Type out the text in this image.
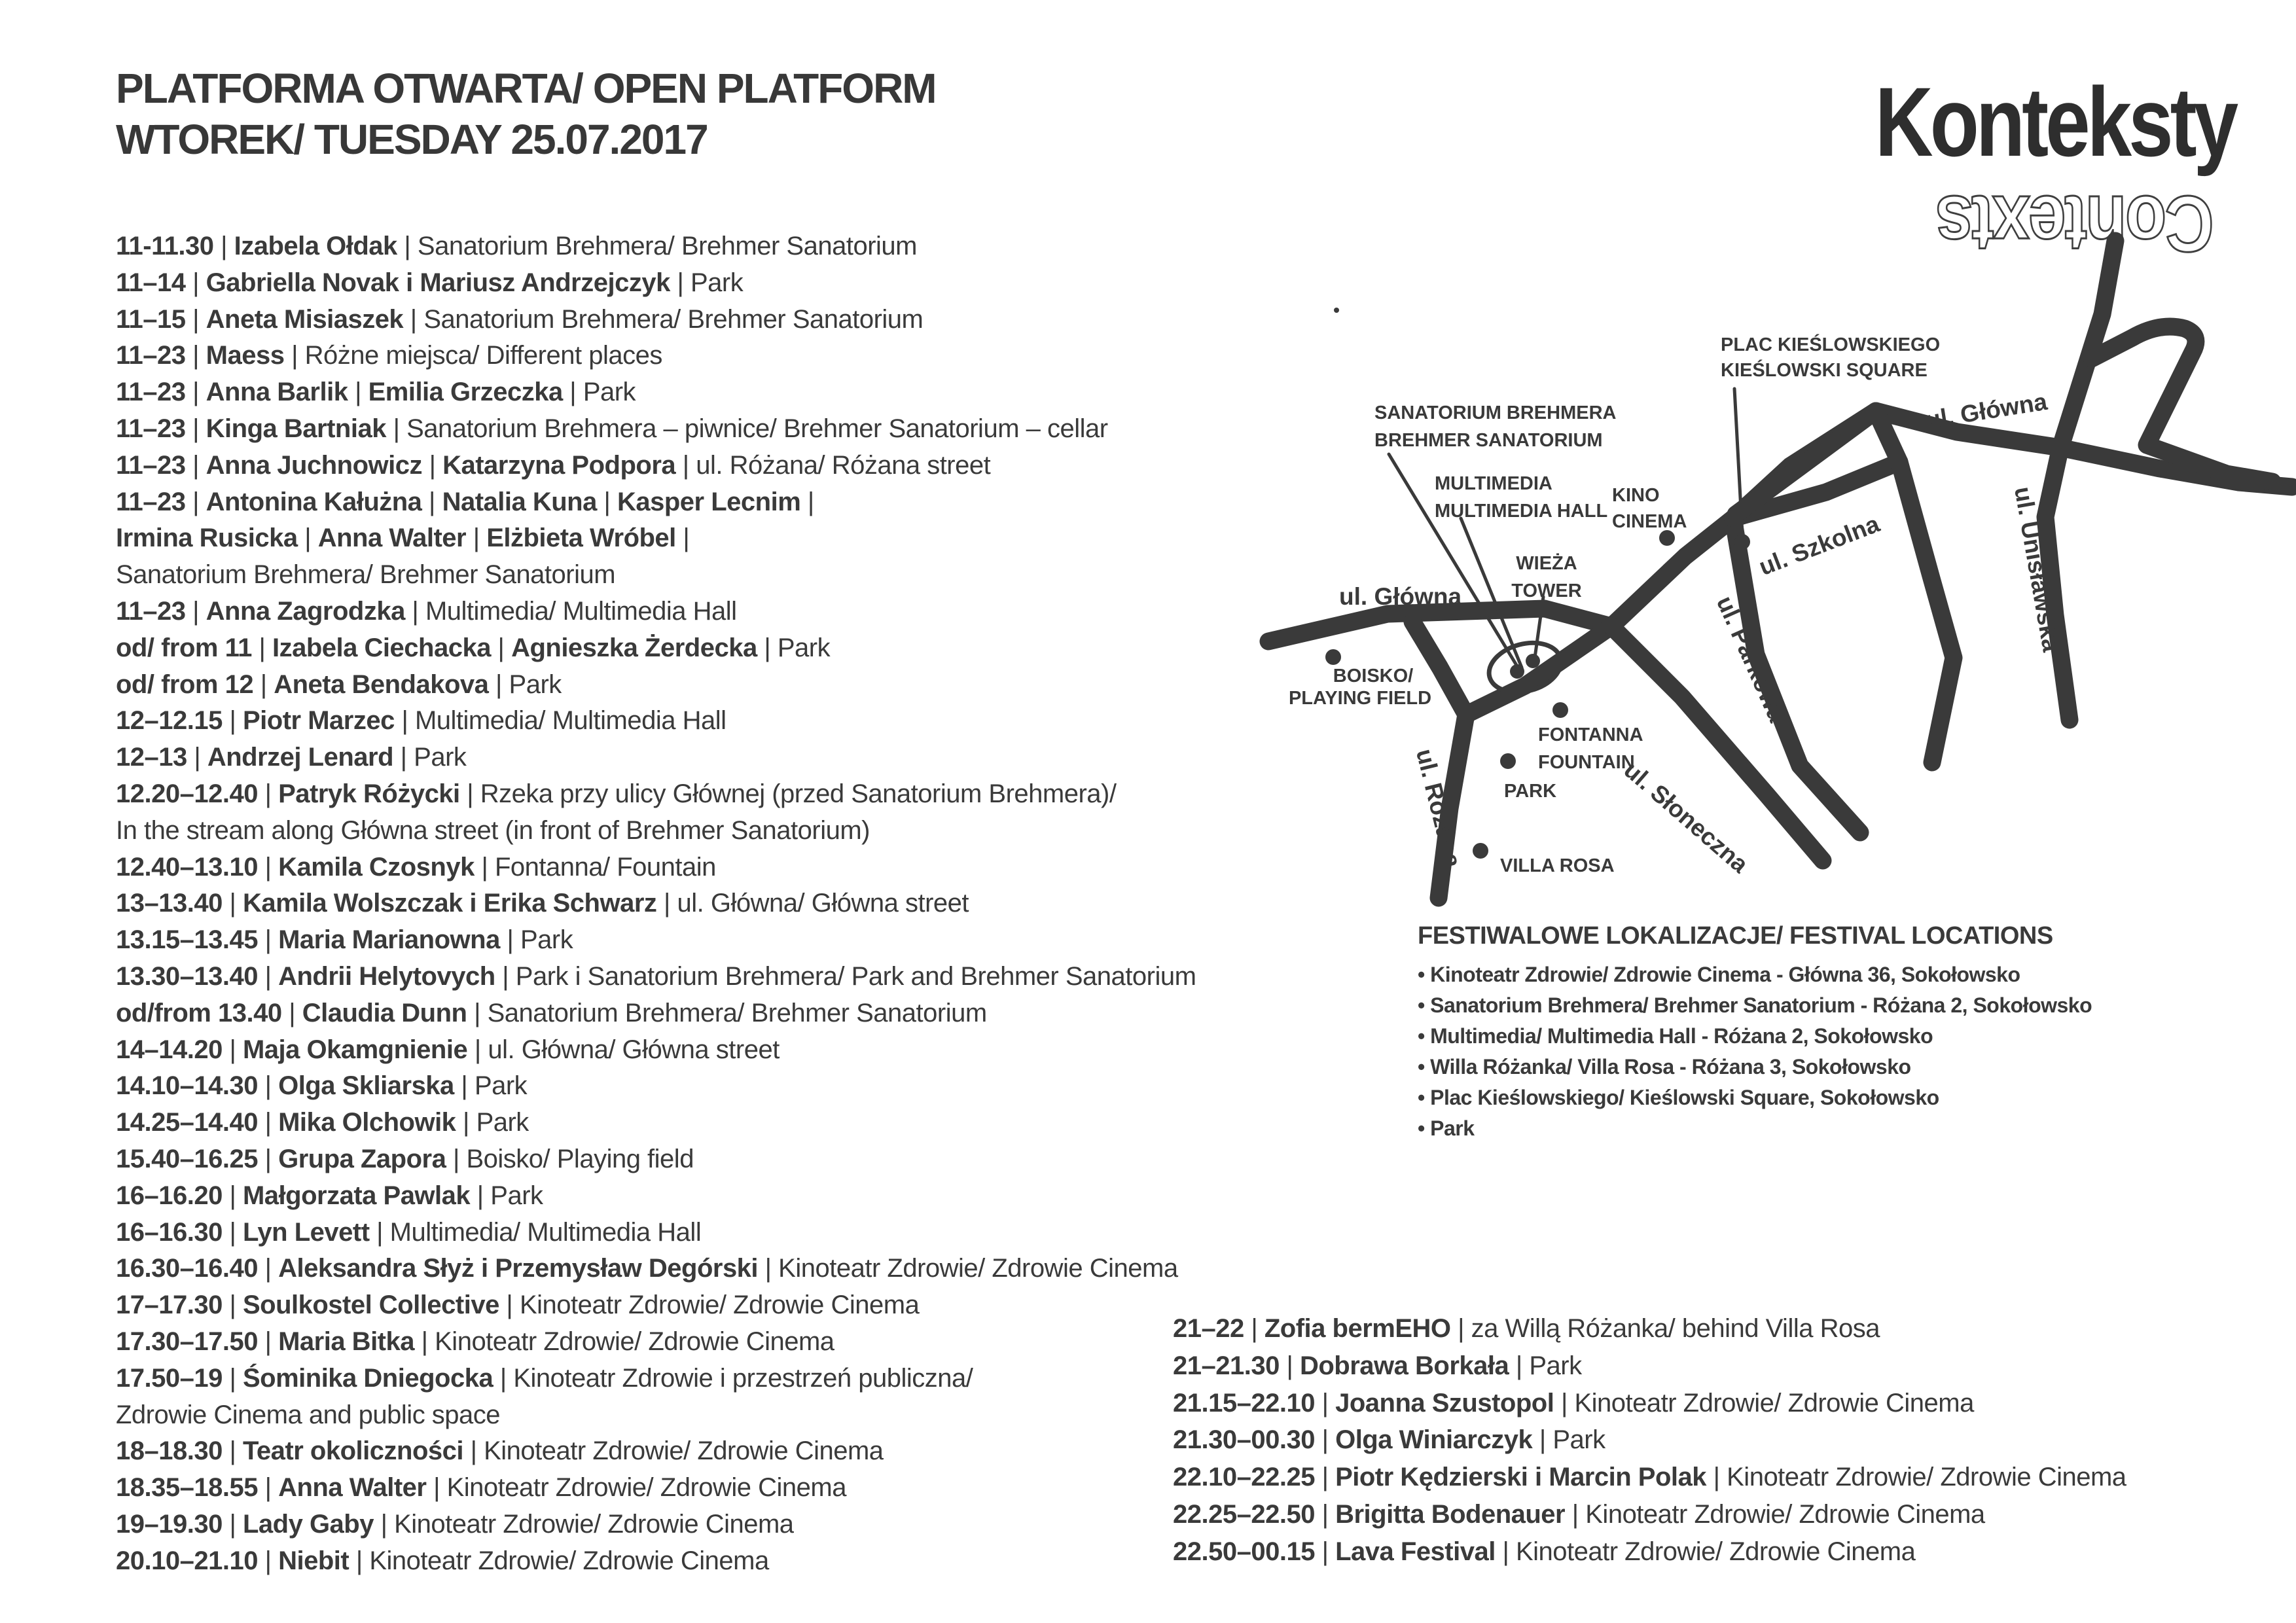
PLATFORMA OTWARTA/ OPEN PLATFORM
WTOREK/ TUESDAY 25.07.2017	Konteksty
Contexts
11-11.30 | Izabela Ołdak | Sanatorium Brehmera/ Brehmer Sanatorium
11–14 | Gabriella Novak i Mariusz Andrzejczyk | Park
11–15 | Aneta Misiaszek | Sanatorium Brehmera/ Brehmer Sanatorium
11–23 | Maess | Różne miejsca/ Different places
11–23 | Anna Barlik | Emilia Grzeczka | Park
11–23 | Kinga Bartniak | Sanatorium Brehmera – piwnice/ Brehmer Sanatorium – cellar
11–23 | Anna Juchnowicz | Katarzyna Podpora | ul. Różana/ Różana street
11–23 | Antonina Kałużna | Natalia Kuna | Kasper Lecnim |
Irmina Rusicka | Anna Walter | Elżbieta Wróbel |
Sanatorium Brehmera/ Brehmer Sanatorium
11–23 | Anna Zagrodzka | Multimedia/ Multimedia Hall
od/ from 11 | Izabela Ciechacka | Agnieszka Żerdecka | Park
od/ from 12 | Aneta Bendakova | Park
12–12.15 | Piotr Marzec | Multimedia/ Multimedia Hall
12–13 | Andrzej Lenard | Park
12.20–12.40 | Patryk Różycki | Rzeka przy ulicy Głównej (przed Sanatorium Brehmera)/
In the stream along Główna street (in front of Brehmer Sanatorium)
12.40–13.10 | Kamila Czosnyk | Fontanna/ Fountain
13–13.40 | Kamila Wolszczak i Erika Schwarz | ul. Główna/ Główna street
13.15–13.45 | Maria Marianowna | Park
13.30–13.40 | Andrii Helytovych | Park i Sanatorium Brehmera/ Park and Brehmer Sanatorium
od/from 13.40 | Claudia Dunn | Sanatorium Brehmera/ Brehmer Sanatorium
14–14.20 | Maja Okamgnienie | ul. Główna/ Główna street
14.10–14.30 | Olga Skliarska | Park
14.25–14.40 | Mika Olchowik | Park
15.40–16.25 | Grupa Zapora | Boisko/ Playing field
16–16.20 | Małgorzata Pawlak | Park
16–16.30 | Lyn Levett | Multimedia/ Multimedia Hall
16.30–16.40 | Aleksandra Słyż i Przemysław Degórski | Kinoteatr Zdrowie/ Zdrowie Cinema
17–17.30 | Soulkostel Collective | Kinoteatr Zdrowie/ Zdrowie Cinema
17.30–17.50 | Maria Bitka | Kinoteatr Zdrowie/ Zdrowie Cinema
17.50–19 | Śominika Dniegocka | Kinoteatr Zdrowie i przestrzeń publiczna/
Zdrowie Cinema and public space
18–18.30 | Teatr okoliczności | Kinoteatr Zdrowie/ Zdrowie Cinema
18.35–18.55 | Anna Walter | Kinoteatr Zdrowie/ Zdrowie Cinema
19–19.30 | Lady Gaby | Kinoteatr Zdrowie/ Zdrowie Cinema
20.10–21.10 | Niebit | Kinoteatr Zdrowie/ Zdrowie Cinema
21–22 | Zofia bermEHO | za Willą Różanka/ behind Villa Rosa
21–21.30 | Dobrawa Borkała | Park
21.15–22.10 | Joanna Szustopol | Kinoteatr Zdrowie/ Zdrowie Cinema
21.30–00.30 | Olga Winiarczyk | Park
22.10–22.25 | Piotr Kędzierski i Marcin Polak | Kinoteatr Zdrowie/ Zdrowie Cinema
22.25–22.50 | Brigitta Bodenauer | Kinoteatr Zdrowie/ Zdrowie Cinema
22.50–00.15 | Lava Festival | Kinoteatr Zdrowie/ Zdrowie Cinema
FESTIWALOWE LOKALIZACJE/ FESTIVAL LOCATIONS
• Kinoteatr Zdrowie/ Zdrowie Cinema - Główna 36, Sokołowsko
• Sanatorium Brehmera/ Brehmer Sanatorium - Różana 2, Sokołowsko
• Multimedia/ Multimedia Hall - Różana 2, Sokołowsko
• Willa Różanka/ Villa Rosa - Różana 3, Sokołowsko
• Plac Kieślowskiego/ Kieślowski Square, Sokołowsko
• Park
ul. Główna
ul. Główna
ul. Szkolna
ul. Parkowa
ul. Unisławska
ul. Słoneczna
ul. Różana
SANATORIUM BREHMERA
BREHMER SANATORIUM
MULTIMEDIA
MULTIMEDIA HALL
WIEŻA
TOWER
KINO
CINEMA
PLAC KIEŚLOWSKIEGO
KIEŚLOWSKI SQUARE
BOISKO/
PLAYING FIELD
FONTANNA
FOUNTAIN
PARK
VILLA ROSA
